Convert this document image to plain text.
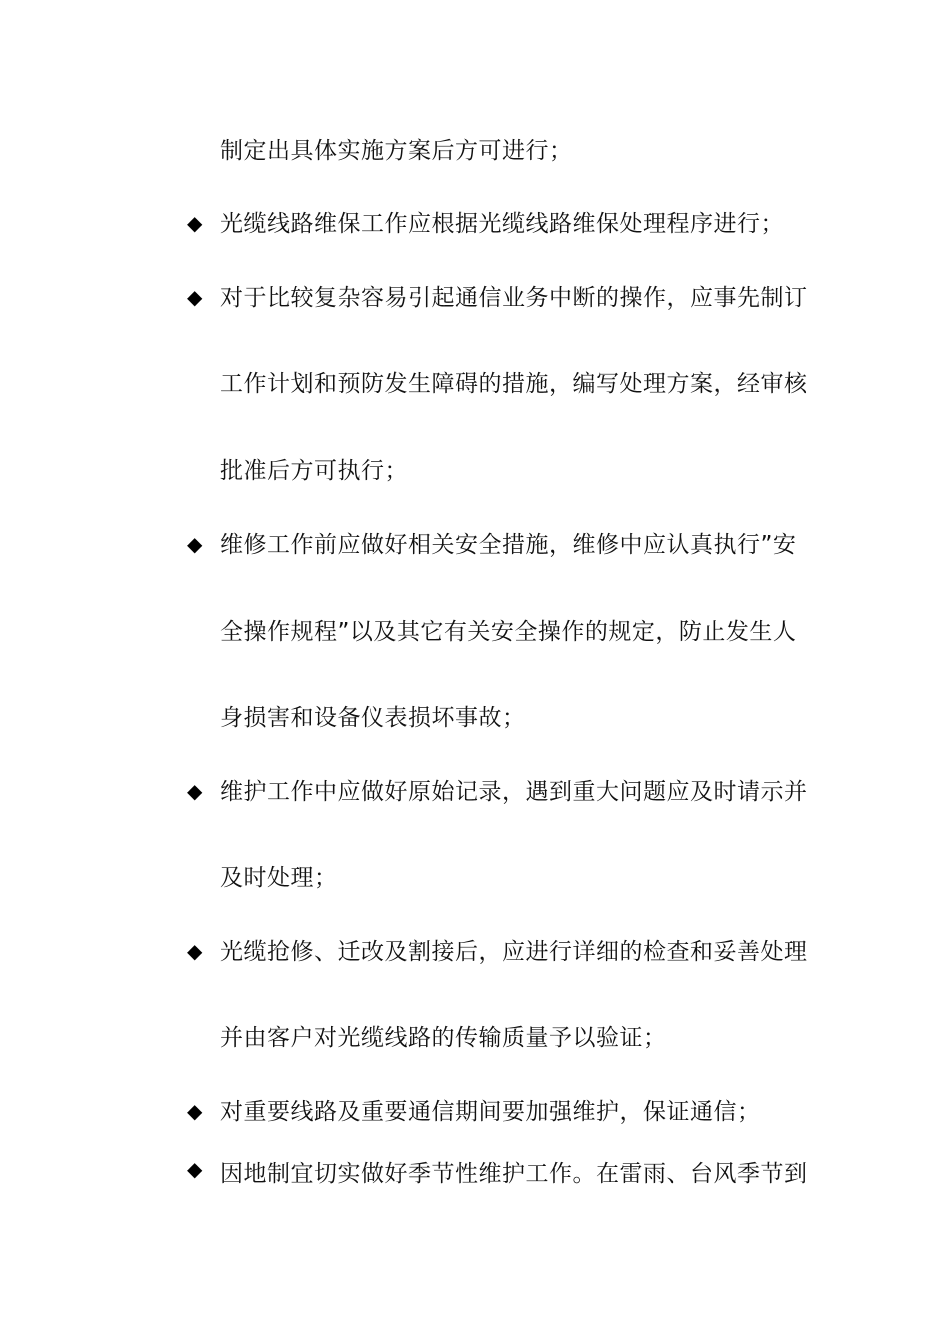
制定出具体实施方案后方可进行；
◆ 光缆线路维保工作应根据光缆线路维保处理程序进行；
◆ 对于比较复杂容易引起通信业务中断的操作，应事先制订
工作计划和预防发生障碍的措施，编写处理方案，经审核
批准后方可执行；
◆ 维修工作前应做好相关安全措施，维修中应认真执行”安
全操作规程”以及其它有关安全操作的规定，防止发生人
身损害和设备仪表损坏事故；
◆ 维护工作中应做好原始记录，遇到重大问题应及时请示并
及时处理；
◆ 光缆抢修、迁改及割接后，应进行详细的检查和妥善处理
并由客户对光缆线路的传输质量予以验证；
◆ 对重要线路及重要通信期间要加强维护，保证通信；
◆ 因地制宜切实做好季节性维护工作。在雷雨、台风季节到
